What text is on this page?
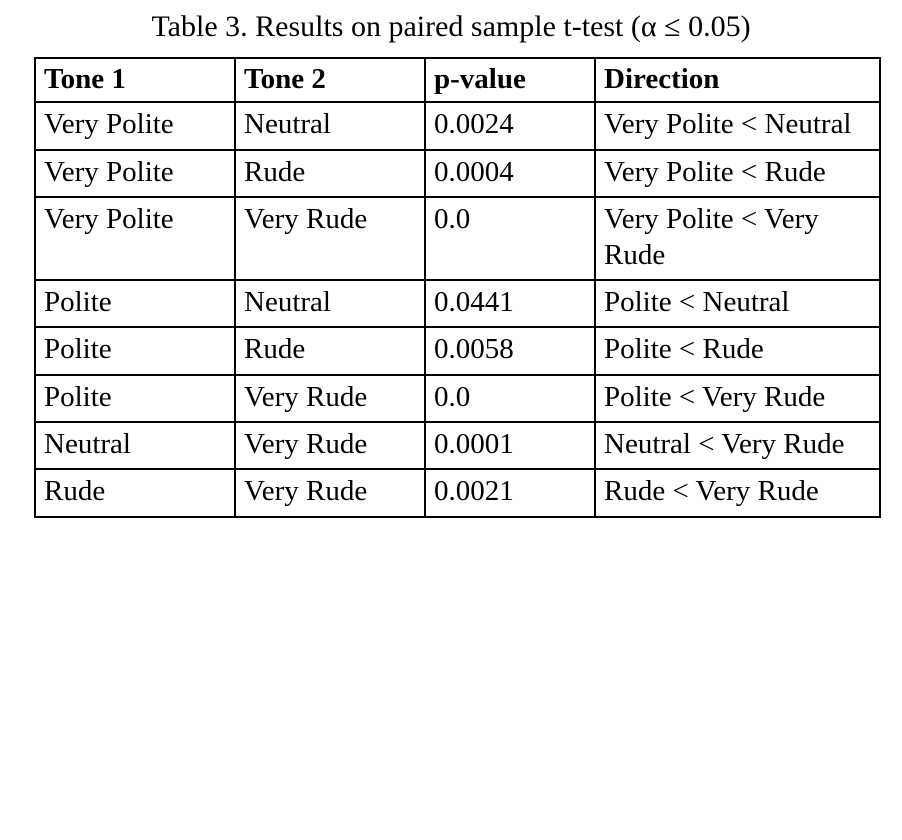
Table 3. Results on paired sample t-test (α ≤ 0.05)
Tone 1	Tone 2	p-value	Direction
Very Polite	Neutral	0.0024	Very Polite < Neutral
Very Polite	Rude	0.0004	Very Polite < Rude
Very Polite	Very Rude	0.0	Very Polite < Very Rude
Polite	Neutral	0.0441	Polite < Neutral
Polite	Rude	0.0058	Polite < Rude
Polite	Very Rude	0.0	Polite < Very Rude
Neutral	Very Rude	0.0001	Neutral < Very Rude
Rude	Very Rude	0.0021	Rude < Very Rude
